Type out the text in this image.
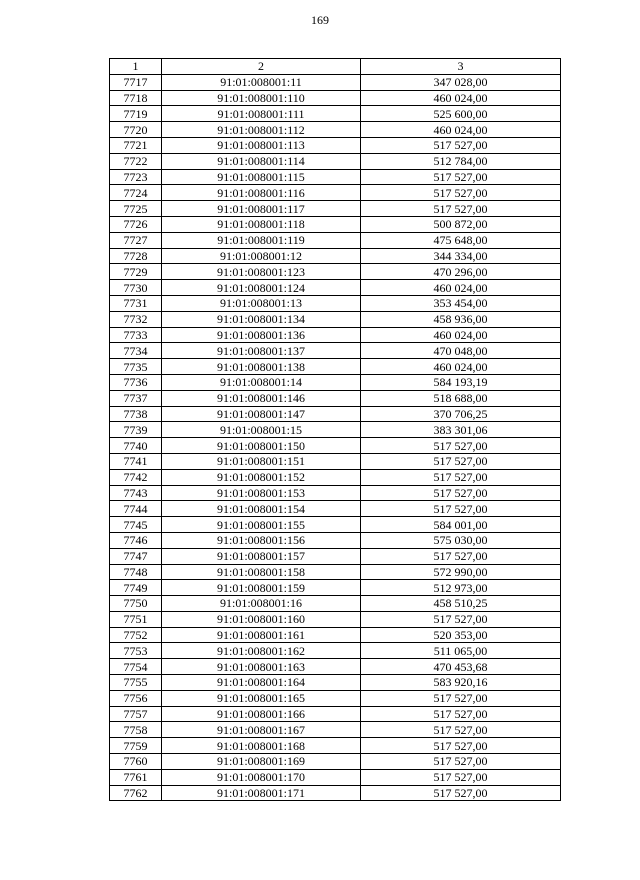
169
1	2	3
7717	91:01:008001:11	347 028,00
7718	91:01:008001:110	460 024,00
7719	91:01:008001:111	525 600,00
7720	91:01:008001:112	460 024,00
7721	91:01:008001:113	517 527,00
7722	91:01:008001:114	512 784,00
7723	91:01:008001:115	517 527,00
7724	91:01:008001:116	517 527,00
7725	91:01:008001:117	517 527,00
7726	91:01:008001:118	500 872,00
7727	91:01:008001:119	475 648,00
7728	91:01:008001:12	344 334,00
7729	91:01:008001:123	470 296,00
7730	91:01:008001:124	460 024,00
7731	91:01:008001:13	353 454,00
7732	91:01:008001:134	458 936,00
7733	91:01:008001:136	460 024,00
7734	91:01:008001:137	470 048,00
7735	91:01:008001:138	460 024,00
7736	91:01:008001:14	584 193,19
7737	91:01:008001:146	518 688,00
7738	91:01:008001:147	370 706,25
7739	91:01:008001:15	383 301,06
7740	91:01:008001:150	517 527,00
7741	91:01:008001:151	517 527,00
7742	91:01:008001:152	517 527,00
7743	91:01:008001:153	517 527,00
7744	91:01:008001:154	517 527,00
7745	91:01:008001:155	584 001,00
7746	91:01:008001:156	575 030,00
7747	91:01:008001:157	517 527,00
7748	91:01:008001:158	572 990,00
7749	91:01:008001:159	512 973,00
7750	91:01:008001:16	458 510,25
7751	91:01:008001:160	517 527,00
7752	91:01:008001:161	520 353,00
7753	91:01:008001:162	511 065,00
7754	91:01:008001:163	470 453,68
7755	91:01:008001:164	583 920,16
7756	91:01:008001:165	517 527,00
7757	91:01:008001:166	517 527,00
7758	91:01:008001:167	517 527,00
7759	91:01:008001:168	517 527,00
7760	91:01:008001:169	517 527,00
7761	91:01:008001:170	517 527,00
7762	91:01:008001:171	517 527,00
